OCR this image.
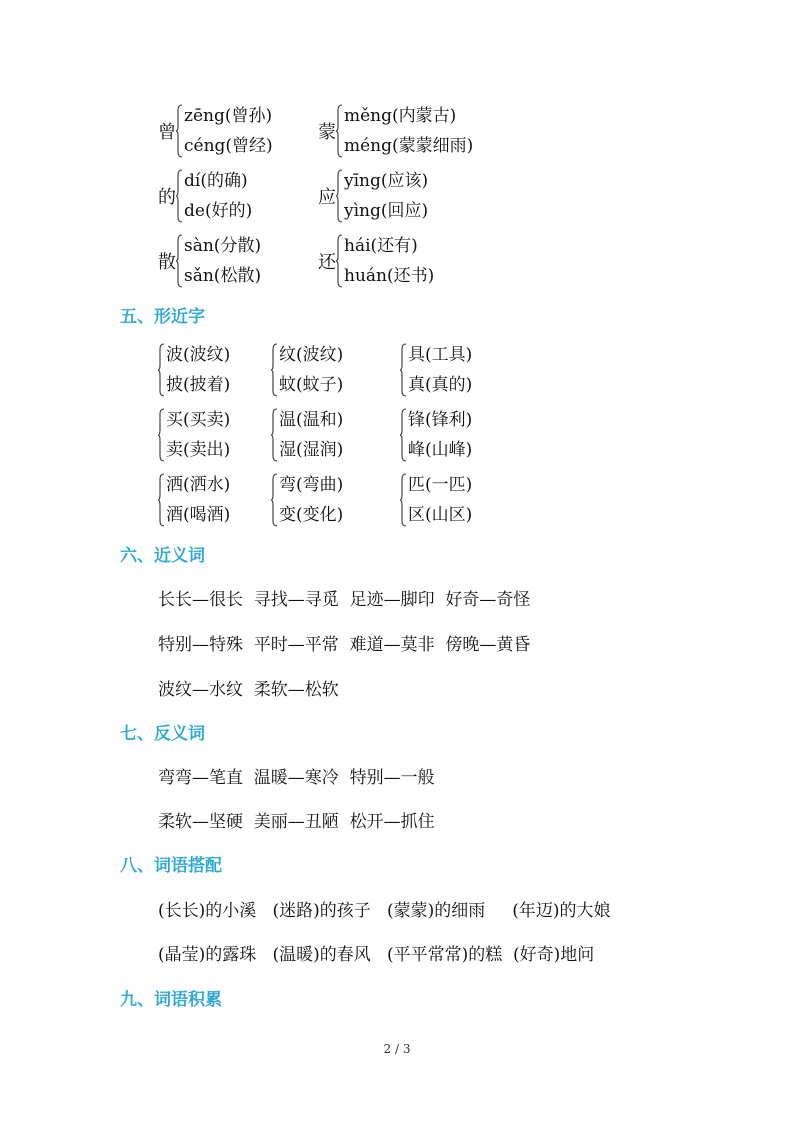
曾
zēng(曾孙)
céng(曾经)
蒙
měng(内蒙古)
méng(蒙蒙细雨)
的
dí(的确)
de(好的)
应
yīng(应该)
yìng(回应)
散
sàn(分散)
sǎn(松散)
还
hái(还有)
huán(还书)
五、形近字
波(波纹)
披(披着)
纹(波纹)
蚊(蚊子)
具(工具)
真(真的)
买(买卖)
卖(卖出)
温(温和)
湿(湿润)
锋(锋利)
峰(山峰)
洒(洒水)
酒(喝酒)
弯(弯曲)
变(变化)
匹(一匹)
区(山区)
六、近义词
长长—很长  寻找—寻觅  足迹—脚印  好奇—奇怪
特别—特殊  平时—平常  难道—莫非  傍晚—黄昏
波纹—水纹  柔软—松软
七、反义词
弯弯—笔直  温暖—寒冷  特别—一般
柔软—坚硬  美丽—丑陋  松开—抓住
八、词语搭配
(长长)的小溪   (迷路)的孩子   (蒙蒙)的细雨     (年迈)的大娘
(晶莹)的露珠   (温暖)的春风   (平平常常)的糕  (好奇)地问
九、词语积累
2 / 3
